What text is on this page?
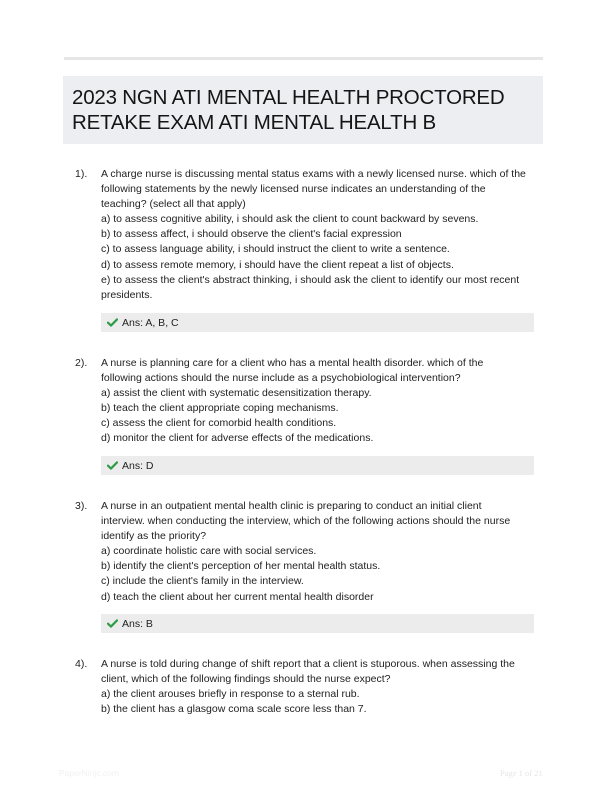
2023 NGN ATI MENTAL HEALTH PROCTORED
RETAKE EXAM ATI MENTAL HEALTH B
1). A charge nurse is discussing mental status exams with a newly licensed nurse. which of the
following statements by the newly licensed nurse indicates an understanding of the
teaching? (select all that apply)
a) to assess cognitive ability, i should ask the client to count backward by sevens.
b) to assess affect, i should observe the client's facial expression
c) to assess language ability, i should instruct the client to write a sentence.
d) to assess remote memory, i should have the client repeat a list of objects.
e) to assess the client's abstract thinking, i should ask the client to identify our most recent
presidents.
Ans: A, B, C
2). A nurse is planning care for a client who has a mental health disorder. which of the
following actions should the nurse include as a psychobiological intervention?
a) assist the client with systematic desensitization therapy.
b) teach the client appropriate coping mechanisms.
c) assess the client for comorbid health conditions.
d) monitor the client for adverse effects of the medications.
Ans: D
3). A nurse in an outpatient mental health clinic is preparing to conduct an initial client
interview. when conducting the interview, which of the following actions should the nurse
identify as the priority?
a) coordinate holistic care with social services.
b) identify the client's perception of her mental health status.
c) include the client's family in the interview.
d) teach the client about her current mental health disorder
Ans: B
4). A nurse is told during change of shift report that a client is stuporous. when assessing the
client, which of the following findings should the nurse expect?
a) the client arouses briefly in response to a sternal rub.
b) the client has a glasgow coma scale score less than 7.
PaperNinjc.com	Page 1 of 21
